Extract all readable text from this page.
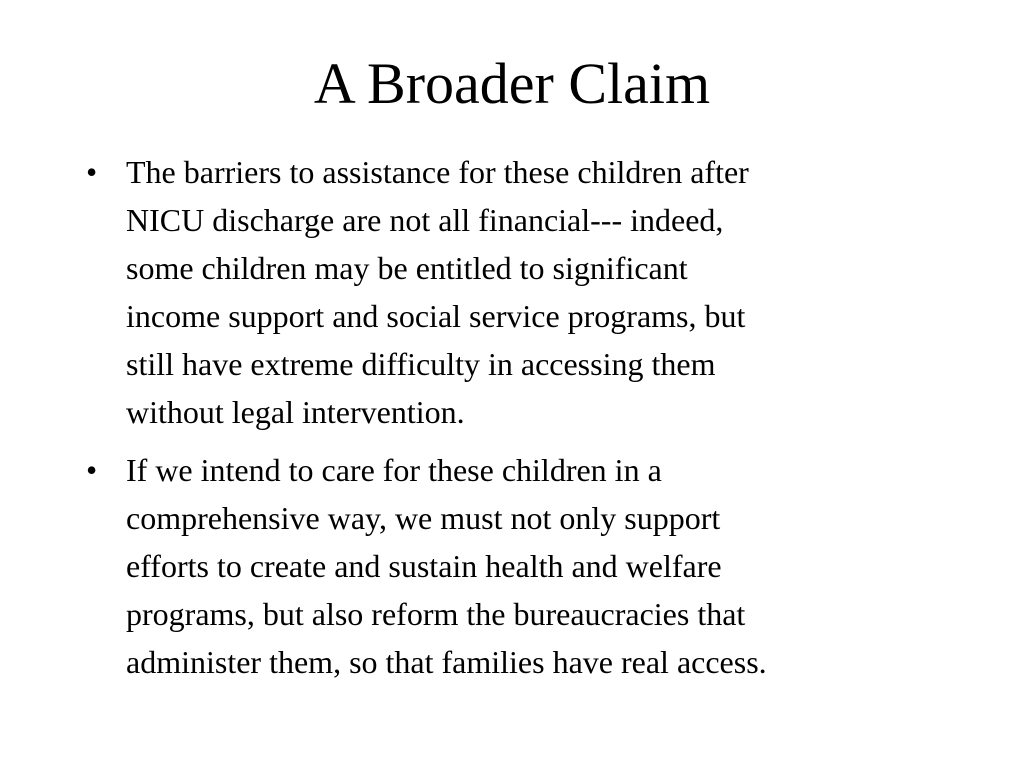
A Broader Claim
• The barriers to assistance for these children after
NICU discharge are not all financial--- indeed,
some children may be entitled to significant
income support and social service programs, but
still have extreme difficulty in accessing them
without legal intervention.
• If we intend to care for these children in a
comprehensive way, we must not only support
efforts to create and sustain health and welfare
programs, but also reform the bureaucracies that
administer them, so that families have real access.
